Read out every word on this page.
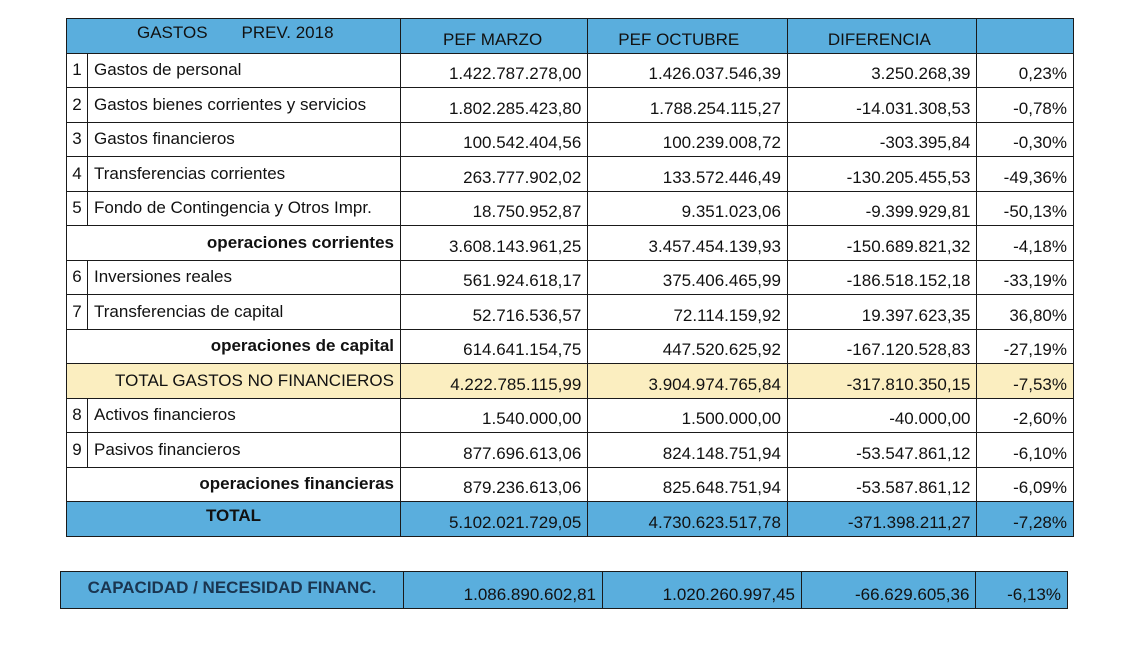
GASTOS PREV. 2018		PEF MARZO	PEF OCTUBRE	DIFERENCIA	
1	Gastos de personal	1.422.787.278,00	1.426.037.546,39	3.250.268,39	0,23%
2	Gastos bienes corrientes y servicios	1.802.285.423,80	1.788.254.115,27	-14.031.308,53	-0,78%
3	Gastos financieros	100.542.404,56	100.239.008,72	-303.395,84	-0,30%
4	Transferencias corrientes	263.777.902,02	133.572.446,49	-130.205.455,53	-49,36%
5	Fondo de Contingencia y Otros Impr.	18.750.952,87	9.351.023,06	-9.399.929,81	-50,13%
operaciones corrientes		3.608.143.961,25	3.457.454.139,93	-150.689.821,32	-4,18%
6	Inversiones reales	561.924.618,17	375.406.465,99	-186.518.152,18	-33,19%
7	Transferencias de capital	52.716.536,57	72.114.159,92	19.397.623,35	36,80%
operaciones de capital		614.641.154,75	447.520.625,92	-167.120.528,83	-27,19%
TOTAL GASTOS NO FINANCIEROS		4.222.785.115,99	3.904.974.765,84	-317.810.350,15	-7,53%
8	Activos financieros	1.540.000,00	1.500.000,00	-40.000,00	-2,60%
9	Pasivos financieros	877.696.613,06	824.148.751,94	-53.547.861,12	-6,10%
operaciones financieras		879.236.613,06	825.648.751,94	-53.587.861,12	-6,09%
TOTAL		5.102.021.729,05	4.730.623.517,78	-371.398.211,27	-7,28%
CAPACIDAD / NECESIDAD FINANC.	1.086.890.602,81	1.020.260.997,45	-66.629.605,36	-6,13%
